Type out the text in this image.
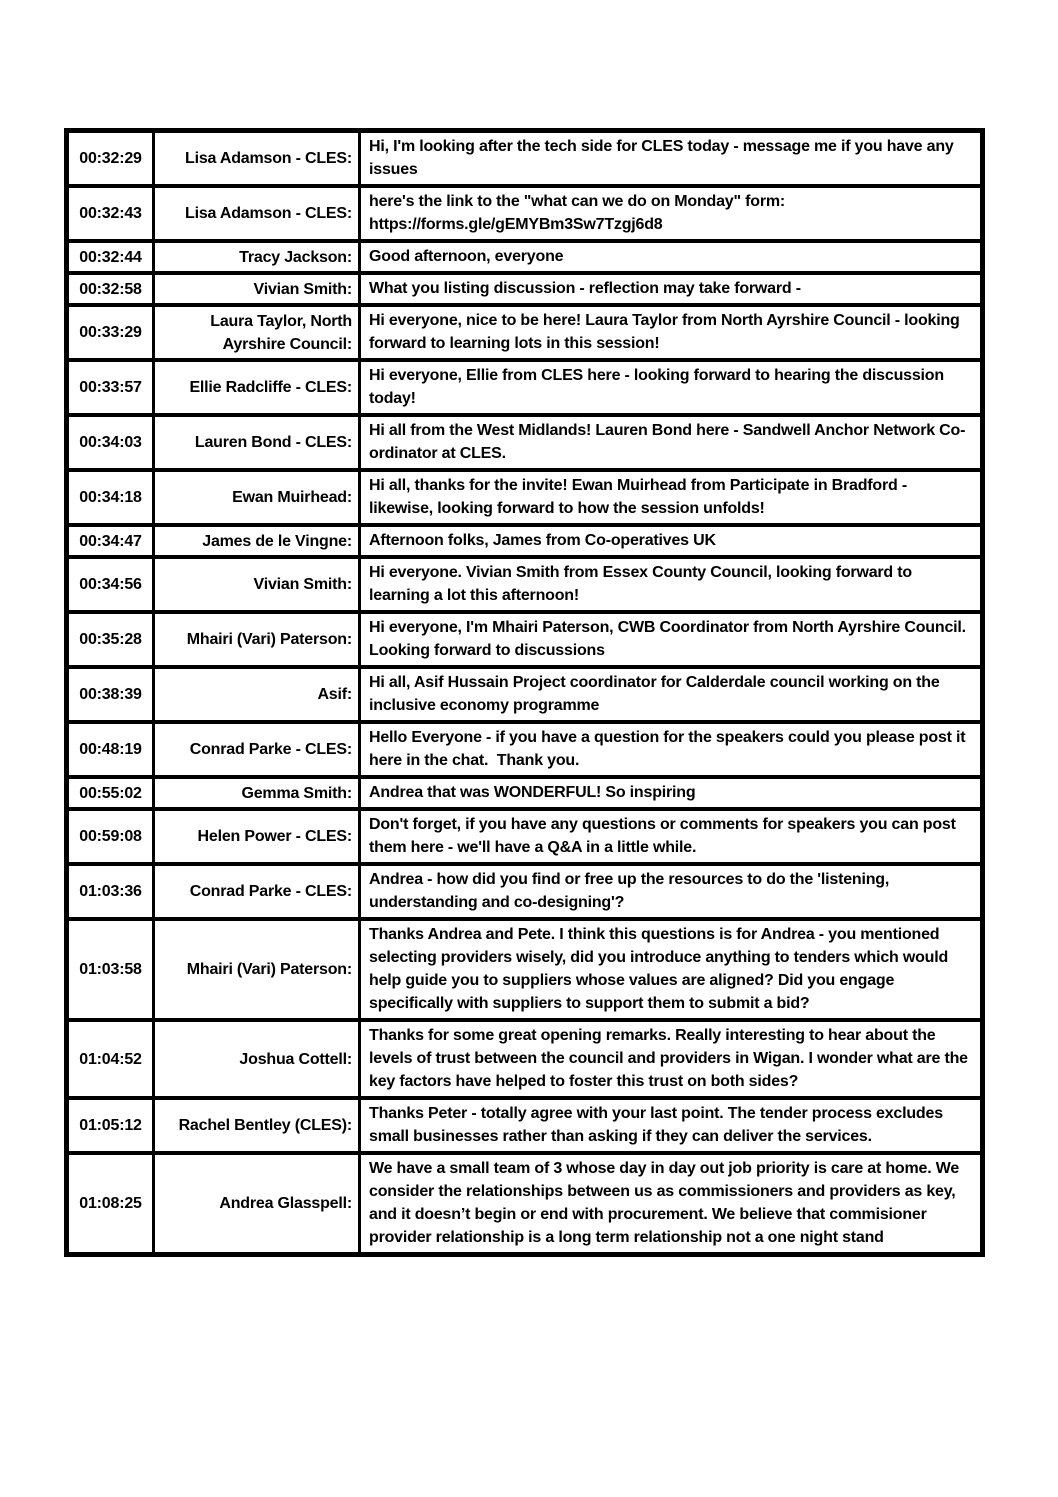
00:32:29	Lisa Adamson - CLES:	Hi, I'm looking after the tech side for CLES today - message me if you have any issues
00:32:43	Lisa Adamson - CLES:	here's the link to the "what can we do on Monday" form: https://forms.gle/gEMYBm3Sw7Tzgj6d8
00:32:44	Tracy Jackson:	Good afternoon, everyone
00:32:58	Vivian Smith:	What you listing discussion - reflection may take forward -
00:33:29	Laura Taylor, North Ayrshire Council:	Hi everyone, nice to be here! Laura Taylor from North Ayrshire Council - looking forward to learning lots in this session!
00:33:57	Ellie Radcliffe - CLES:	Hi everyone, Ellie from CLES here - looking forward to hearing the discussion today!
00:34:03	Lauren Bond - CLES:	Hi all from the West Midlands! Lauren Bond here - Sandwell Anchor Network Co-ordinator at CLES.
00:34:18	Ewan Muirhead:	Hi all, thanks for the invite! Ewan Muirhead from Participate in Bradford - likewise, looking forward to how the session unfolds!
00:34:47	James de le Vingne:	Afternoon folks, James from Co-operatives UK
00:34:56	Vivian Smith:	Hi everyone. Vivian Smith from Essex County Council, looking forward to learning a lot this afternoon!
00:35:28	Mhairi (Vari) Paterson:	Hi everyone, I'm Mhairi Paterson, CWB Coordinator from North Ayrshire Council. Looking forward to discussions
00:38:39	Asif:	Hi all, Asif Hussain Project coordinator for Calderdale council working on the inclusive economy programme
00:48:19	Conrad Parke - CLES:	Hello Everyone - if you have a question for the speakers could you please post it here in the chat.  Thank you.
00:55:02	Gemma Smith:	Andrea that was WONDERFUL! So inspiring
00:59:08	Helen Power - CLES:	Don't forget, if you have any questions or comments for speakers you can post them here - we'll have a Q&A in a little while.
01:03:36	Conrad Parke - CLES:	Andrea - how did you find or free up the resources to do the 'listening, understanding and co-designing'?
01:03:58	Mhairi (Vari) Paterson:	Thanks Andrea and Pete. I think this questions is for Andrea - you mentioned selecting providers wisely, did you introduce anything to tenders which would help guide you to suppliers whose values are aligned? Did you engage specifically with suppliers to support them to submit a bid?
01:04:52	Joshua Cottell:	Thanks for some great opening remarks. Really interesting to hear about the levels of trust between the council and providers in Wigan. I wonder what are the key factors have helped to foster this trust on both sides?
01:05:12	Rachel Bentley (CLES):	Thanks Peter - totally agree with your last point. The tender process excludes small businesses rather than asking if they can deliver the services.
01:08:25	Andrea Glasspell:	We have a small team of 3 whose day in day out job priority is care at home. We consider the relationships between us as commissioners and providers as key, and it doesn’t begin or end with procurement. We believe that commisioner provider relationship is a long term relationship not a one night stand
